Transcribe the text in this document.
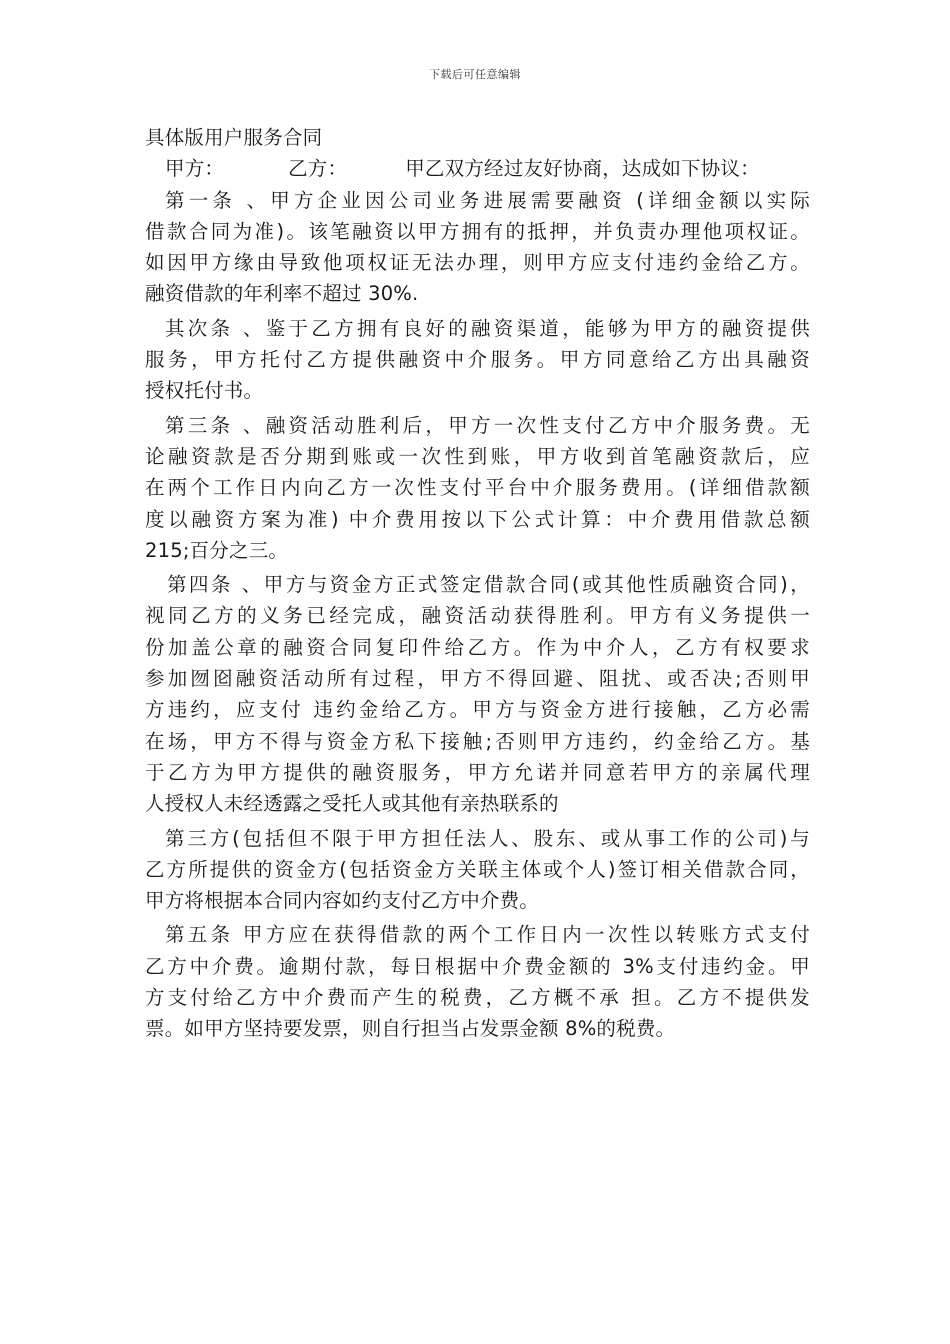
下载后可任意编辑
具体版用户服务合同
甲方：	乙方：	甲乙双方经过友好协商，达成如下协议：
第一条 、甲方企业因公司业务进展需要融资 (详细金额以实际
借款合同为准)。该笔融资以甲方拥有的抵押，并负责办理他项权证。
如因甲方缘由导致他项权证无法办理，则甲方应支付违约金给乙方。
融资借款的年利率不超过 30%.
其次条 、鉴于乙方拥有良好的融资渠道，能够为甲方的融资提供
服务，甲方托付乙方提供融资中介服务。甲方同意给乙方出具融资
授权托付书。
第三条 、融资活动胜利后，甲方一次性支付乙方中介服务费。无
论融资款是否分期到账或一次性到账，甲方收到首笔融资款后，应
在两个工作日内向乙方一次性支付平台中介服务费用。(详细借款额
度以融资方案为准) 中介费用按以下公式计算：中介费用借款总额
215;百分之三。
第四条 、甲方与资金方正式签定借款合同(或其他性质融资合同)，
视同乙方的义务已经完成，融资活动获得胜利。甲方有义务提供一
份加盖公章的融资合同复印件给乙方。作为中介人，乙方有权要求
参加囫囵融资活动所有过程，甲方不得回避、阻扰、或否决;否则甲
方违约，应支付 违约金给乙方。甲方与资金方进行接触，乙方必需
在场，甲方不得与资金方私下接触;否则甲方违约，约金给乙方。基
于乙方为甲方提供的融资服务，甲方允诺并同意若甲方的亲属代理
人授权人未经透露之受托人或其他有亲热联系的
第三方(包括但不限于甲方担任法人、股东、或从事工作的公司)与
乙方所提供的资金方(包括资金方关联主体或个人)签订相关借款合同，
甲方将根据本合同内容如约支付乙方中介费。
第五条 甲方应在获得借款的两个工作日内一次性以转账方式支付
乙方中介费。逾期付款，每日根据中介费金额的 3%支付违约金。甲
方支付给乙方中介费而产生的税费，乙方概不承 担。乙方不提供发
票。如甲方坚持要发票，则自行担当占发票金额 8%的税费。
